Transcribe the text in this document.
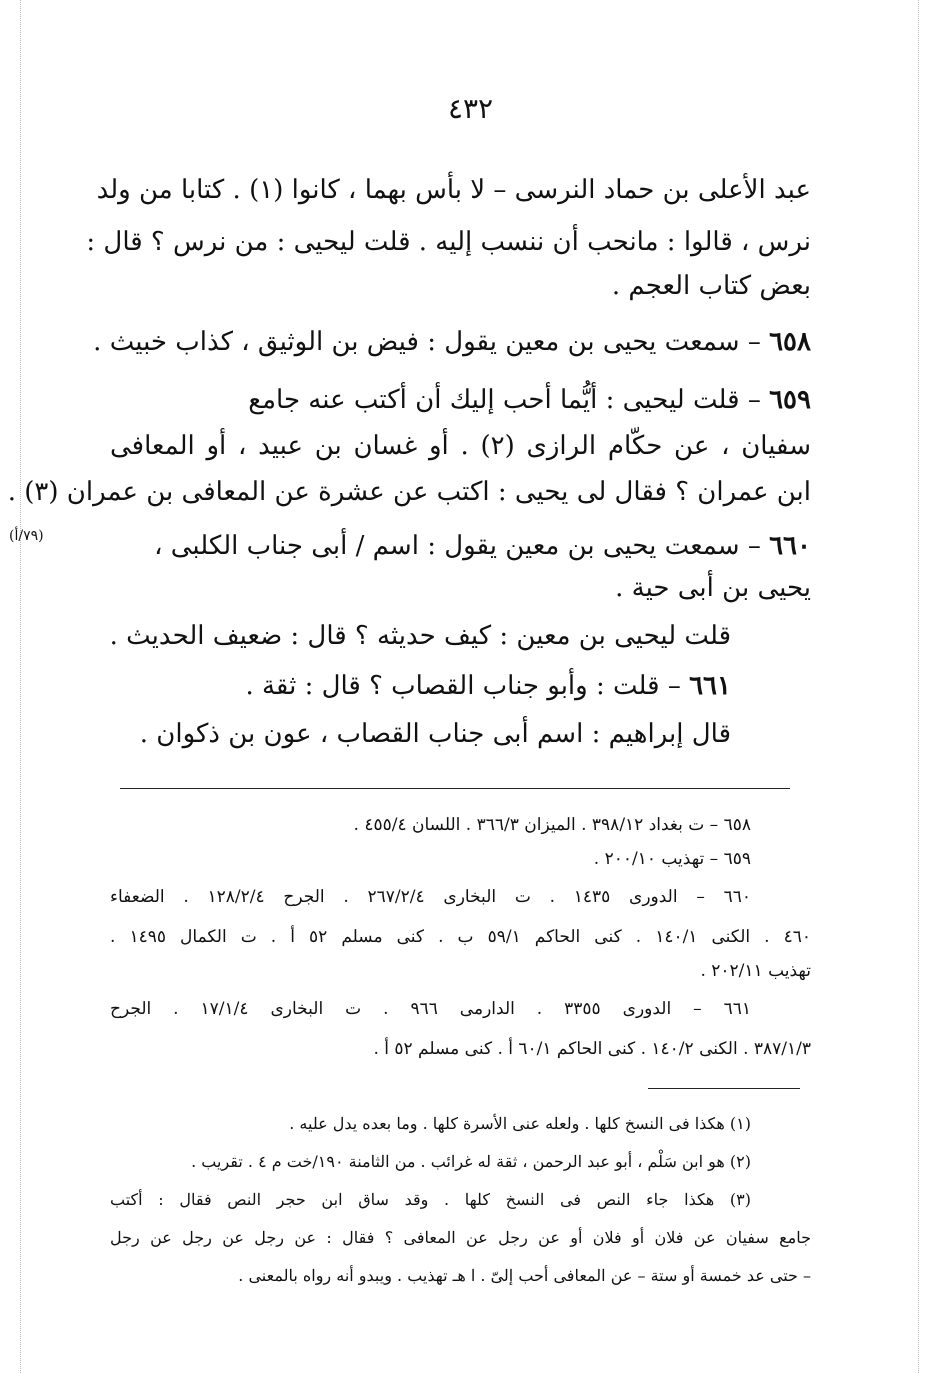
٤٣٢
عبد الأعلى بن حماد النرسى – لا بأس بهما ، كانوا (١) . كتابا من ولد
نرس ، قالوا : مانحب أن ننسب إليه . قلت ليحيى : من نرس ؟ قال :
بعض كتاب العجم .
٦٥٨ – سمعت يحيى بن معين يقول : فيض بن الوثيق ، كذاب خبيث .
٦٥٩ – قلت ليحيى : أيُّما أحب إليك أن أكتب عنه جامع
سفيان ، عن حكّام الرازى (٢) . أو غسان بن عبيد ، أو المعافى
ابن عمران ؟ فقال لى يحيى : اكتب عن عشرة عن المعافى بن عمران (٣) .
(٧٩/أ)	٦٦٠ – سمعت يحيى بن معين يقول : اسم / أبى جناب الكلبى ،
يحيى بن أبى حية .
قلت ليحيى بن معين : كيف حديثه ؟ قال : ضعيف الحديث .
٦٦١ – قلت : وأبو جناب القصاب ؟ قال : ثقة .
قال إبراهيم : اسم أبى جناب القصاب ، عون بن ذكوان .
٦٥٨ – ت بغداد ٣٩٨/١٢ . الميزان ٣٦٦/٣ . اللسان ٤٥٥/٤ .
٦٥٩ – تهذيب ٢٠٠/١٠ .
٦٦٠ – الدورى ١٤٣٥ . ت البخارى ٢٦٧/٢/٤ . الجرح ١٢٨/٢/٤ . الضعفاء
٤٦٠ . الكنى ١٤٠/١ . كنى الحاكم ٥٩/١ ب . كنى مسلم ٥٢ أ . ت الكمال ١٤٩٥ .
تهذيب ٢٠٢/١١ .
٦٦١ – الدورى ٣٣٥٥ . الدارمى ٩٦٦ . ت البخارى ١٧/١/٤ . الجرح
٣٨٧/١/٣ . الكنى ١٤٠/٢ . كنى الحاكم ٦٠/١ أ . كنى مسلم ٥٢ أ .
(١) هكذا فى النسخ كلها . ولعله عنى الأسرة كلها . وما بعده يدل عليه .
(٢) هو ابن سَلْم ، أبو عبد الرحمن ، ثقة له غرائب . من الثامنة ١٩٠/خت م ٤ . تقريب .
(٣) هكذا جاء النص فى النسخ كلها . وقد ساق ابن حجر النص فقال : أكتب
جامع سفيان عن فلان أو فلان أو عن رجل عن المعافى ؟ فقال : عن رجل عن رجل عن رجل
– حتى عد خمسة أو ستة – عن المعافى أحب إلىّ . ا هـ تهذيب . ويبدو أنه رواه بالمعنى .
